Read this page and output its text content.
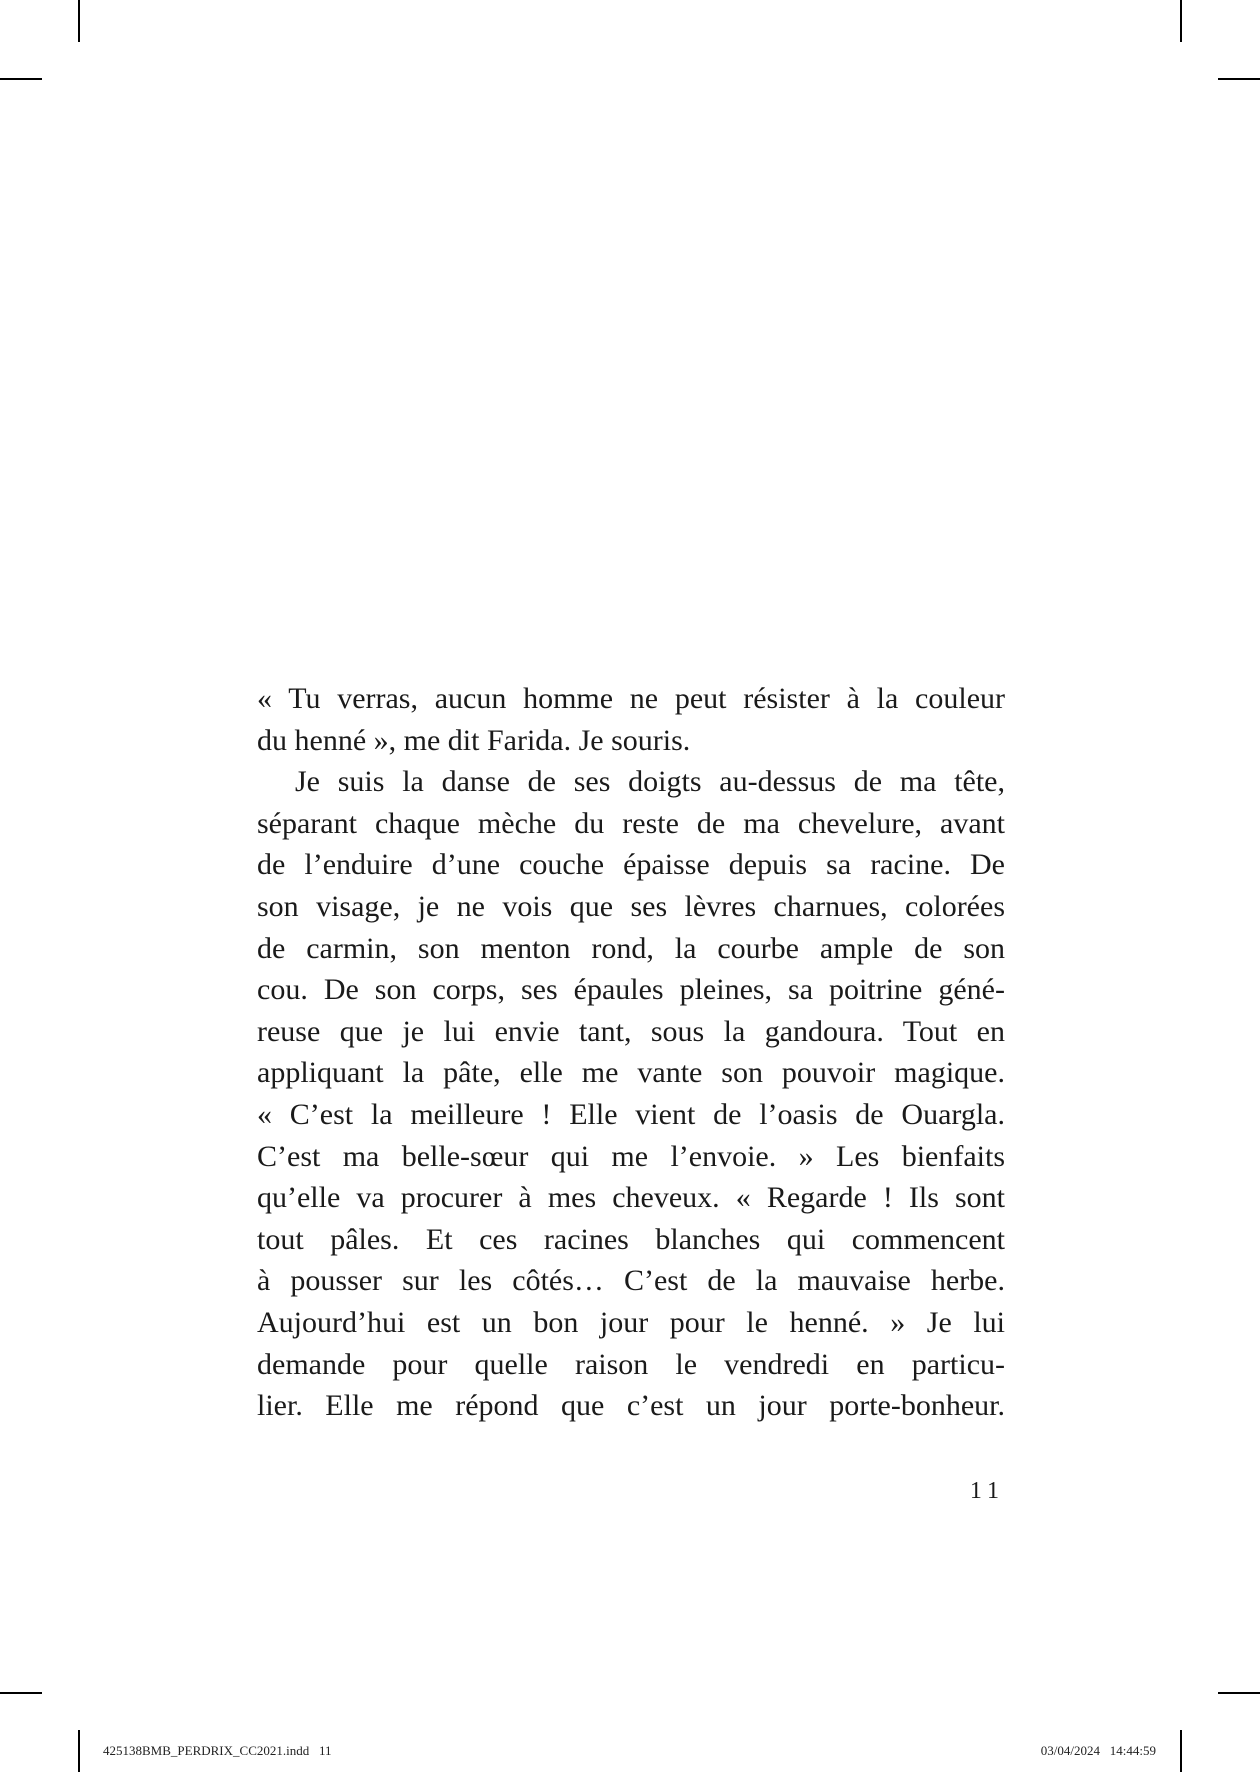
« Tu verras, aucun homme ne peut résister à la couleur
du henné », me dit Farida. Je souris.
Je suis la danse de ses doigts au-dessus de ma tête,
séparant chaque mèche du reste de ma chevelure, avant
de l’enduire d’une couche épaisse depuis sa racine. De
son visage, je ne vois que ses lèvres charnues, colorées
de carmin, son menton rond, la courbe ample de son
cou. De son corps, ses épaules pleines, sa poitrine géné-
reuse que je lui envie tant, sous la gandoura. Tout en
appliquant la pâte, elle me vante son pouvoir magique.
« C’est la meilleure ! Elle vient de l’oasis de Ouargla.
C’est ma belle-sœur qui me l’envoie. » Les bienfaits
qu’elle va procurer à mes cheveux. « Regarde ! Ils sont
tout pâles. Et ces racines blanches qui commencent
à pousser sur les côtés… C’est de la mauvaise herbe.
Aujourd’hui est un bon jour pour le henné. » Je lui
demande pour quelle raison le vendredi en particu-
lier. Elle me répond que c’est un jour porte-bonheur.
11
425138BMB_PERDRIX_CC2021.indd   11	03/04/2024   14:44:59
